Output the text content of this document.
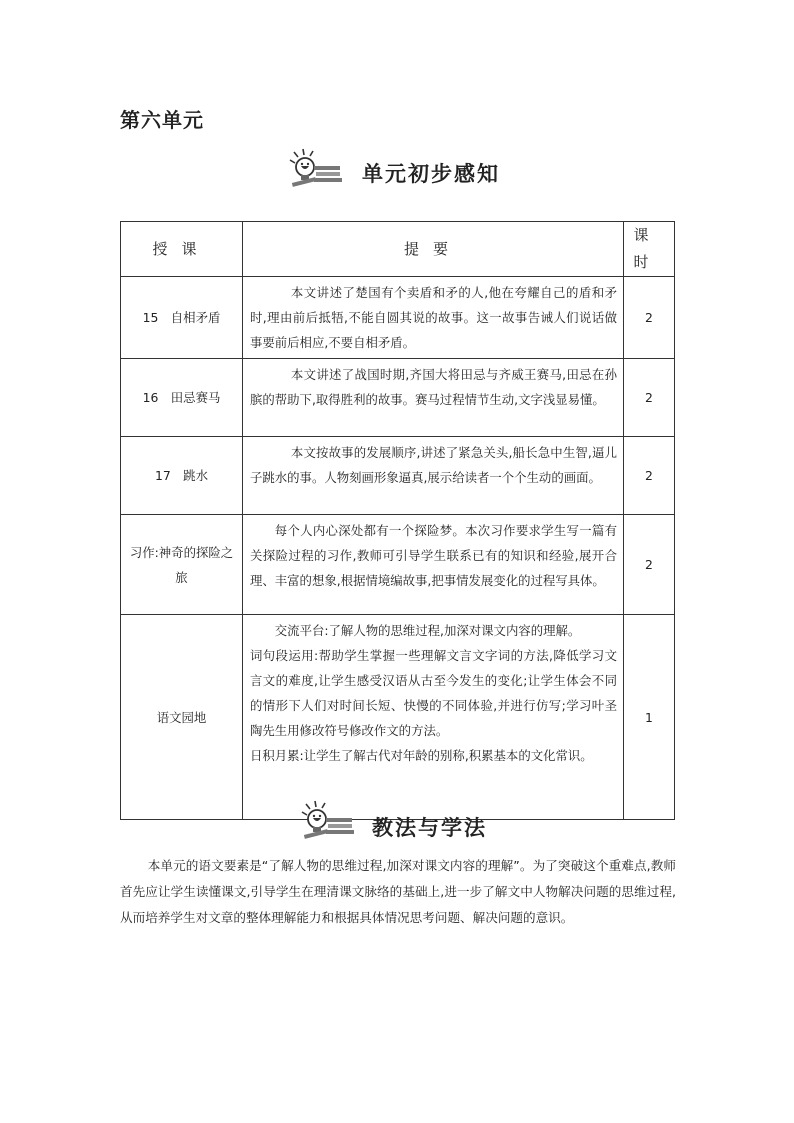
第六单元
单元初步感知
授课	提要	课时
15　自相矛盾	本文讲述了楚国有个卖盾和矛的人,他在夸耀自己的盾和矛时,理由前后抵牾,不能自圆其说的故事。这一故事告诫人们说话做事要前后相应,不要自相矛盾。	2
16　田忌赛马	本文讲述了战国时期,齐国大将田忌与齐威王赛马,田忌在孙膑的帮助下,取得胜利的故事。赛马过程情节生动,文字浅显易懂。	2
17　跳水	本文按故事的发展顺序,讲述了紧急关头,船长急中生智,逼儿子跳水的事。人物刻画形象逼真,展示给读者一个个生动的画面。	2
习作:神奇的探险之旅	每个人内心深处都有一个探险梦。本次习作要求学生写一篇有关探险过程的习作,教师可引导学生联系已有的知识和经验,展开合理、丰富的想象,根据情境编故事,把事情发展变化的过程写具体。	2
语文园地	交流平台:了解人物的思维过程,加深对课文内容的理解。

词句段运用:帮助学生掌握一些理解文言文字词的方法,降低学习文言文的难度,让学生感受汉语从古至今发生的变化;让学生体会不同的情形下人们对时间长短、快慢的不同体验,并进行仿写;学习叶圣陶先生用修改符号修改作文的方法。

日积月累:让学生了解古代对年龄的别称,积累基本的文化常识。	1
教法与学法

本单元的语文要素是“了解人物的思维过程,加深对课文内容的理解”。为了突破这个重难点,教师首先应让学生读懂课文,引导学生在理清课文脉络的基础上,进一步了解文中人物解决问题的思维过程,从而培养学生对文章的整体理解能力和根据具体情况思考问题、解决问题的意识。
